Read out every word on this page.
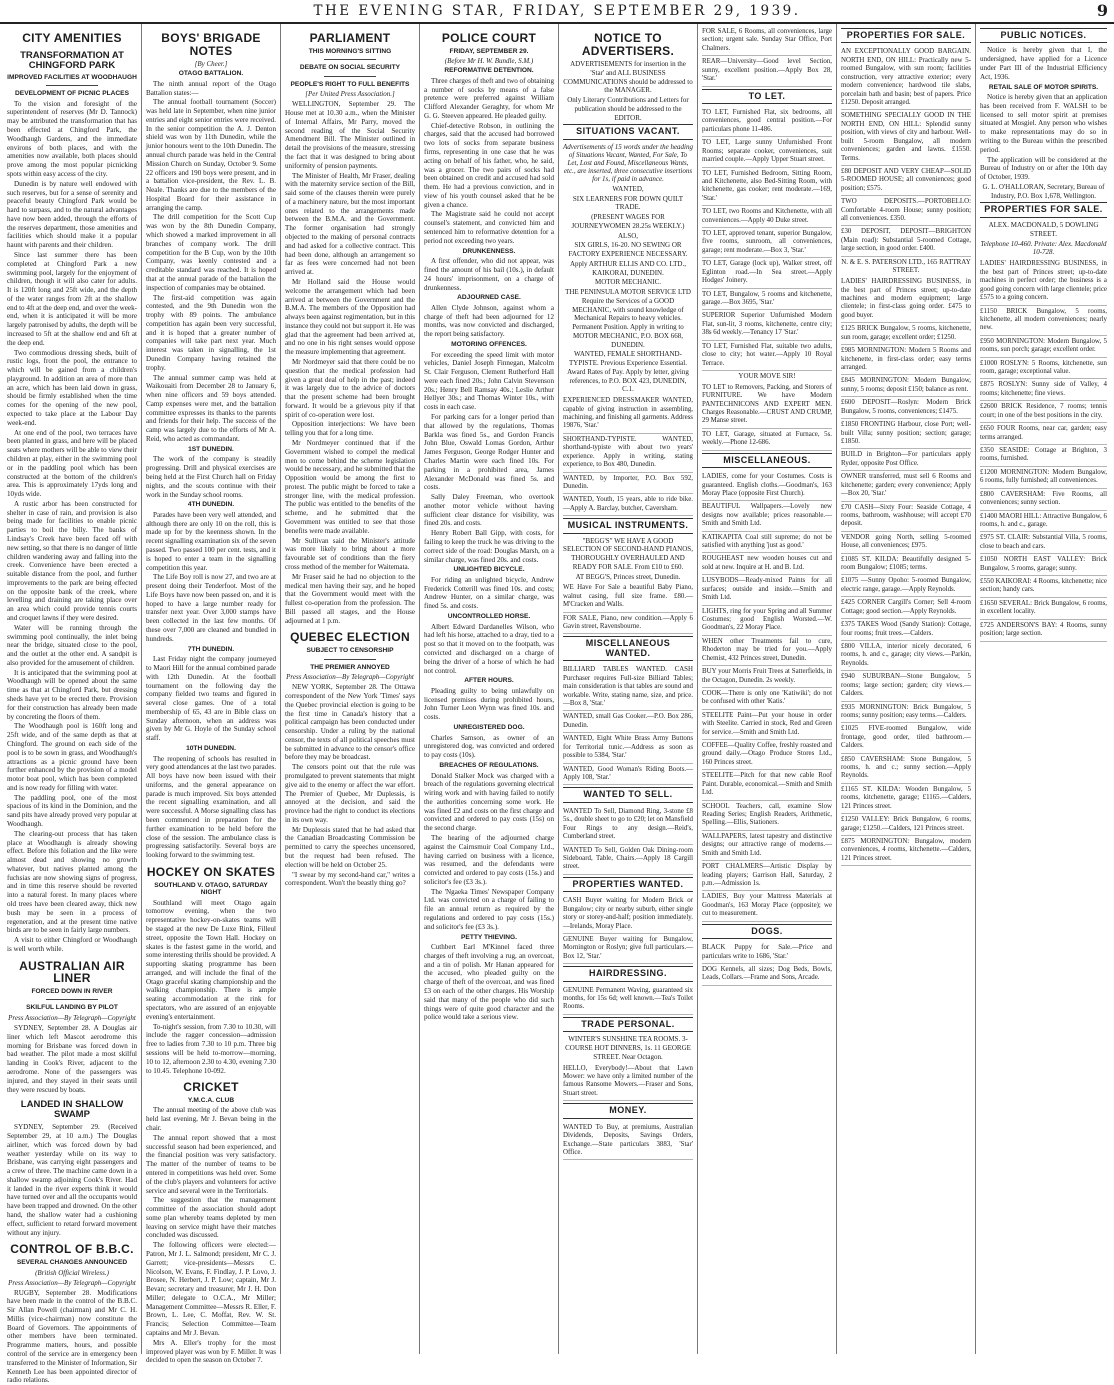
THE EVENING STAR, FRIDAY, SEPTEMBER 29, 1939.	9
CITY AMENITIES
TRANSFORMATION AT CHINGFORD PARK
IMPROVED FACILITIES AT WOODHAUGH
DEVELOPMENT OF PICNIC PLACES
To the vision and foresight of the superintendent of reserves (Mr D. Tannock) may be attributed the transformation that has been effected at Chingford Park, the Woodhaugh Gardens, and the immediate environs of both places, and with the amenities now available, both places should prove among the most popular picnicking spots within easy access of the city.
Dunedin is by nature well endowed with such reserves, but for a sense of serenity and peaceful beauty Chingford Park would be hard to surpass, and to the natural advantages have now been added, through the efforts of the reserves department, those amenities and facilities which should make it a popular haunt with parents and their children.
Since last summer there has been completed at Chingford Park a new swimming pool, largely for the enjoyment of children, though it will also cater for adults. It is 120ft long and 25ft wide, and the depth of the water ranges from 2ft at the shallow end to 4ft at the deep end, and over the week-end, when it is anticipated it will be more largely patronised by adults, the depth will be increased to 5ft at the shallow end and 6ft at the deep end.
Two commodious dressing sheds, built of rustic logs, front the pool, the entrance to which will be gained from a children's playground. In addition an area of more than an acre, which has been laid down in grass, should be firmly established when the time comes for the opening of the new pool, expected to take place at the Labour Day week-end.
At one end of the pool, two terraces have been planted in grass, and here will be placed seats where mothers will be able to view their children at play, either in the swimming pool or in the paddling pool which has been constructed at the bottom of the children's area. This is approximately 17yds long and 10yds wide.
A rustic arbor has been constructed for shelter in case of rain, and provision is also being made for facilities to enable picnic parties to boil the billy. The banks of Lindsay's Creek have been faced off with new setting, so that there is no danger of little children wandering away and falling into the creek. Convenience have been erected a suitable distance from the pool, and further improvements to the park are being effected on the opposite bank of the creek, where levelling and draining are taking place over an area which could provide tennis courts and croquet lawns if they were desired.
Water will be running through the swimming pool continually, the inlet being near the bridge, situated close to the pool, and the outlet at the other end. A sandpit is also provided for the amusement of children.
It is anticipated that the swimming pool at Woodhaugh will be opened about the same time as that at Chingford Park, but dressing sheds have yet to be erected there. Provision for their construction has already been made by concreting the floors of them.
The Woodhaugh pool is 160ft long and 25ft wide, and of the same depth as that at Chingford. The ground on each side of the pool is to be sown in grass, and Woodhaugh's attractions as a picnic ground have been further enhanced by the provision of a model motor boat pool, which has been completed and is now ready for filling with water.
The paddling pool, one of the most spacious of its kind in the Dominion, and the sand pits have already proved very popular at Woodhaugh.
The clearing-out process that has taken place at Woodhaugh is already showing effect. Before this foliation and the like were almost dead and showing no growth whatever, but natives planted among the fuchsias are now showing signs of progress, and in time this reserve should be reverted into a natural forest. In many places where old trees have been cleared away, thick new bush may be seen in a process of regeneration, and at the present time native birds are to be seen in fairly large numbers.
A visit to either Chingford or Woodhaugh is well worth while.
AUSTRALIAN AIR LINER
FORCED DOWN IN RIVER
SKILFUL LANDING BY PILOT
Press Association—By Telegraph—Copyright
SYDNEY, September 28. A Douglas air liner which left Mascot aerodrome this morning for Brisbane was forced down in bad weather. The pilot made a most skilful landing in Cook's River, adjacent to the aerodrome. None of the passengers was injured, and they stayed in their seats until they were rescued by boats.
LANDED IN SHALLOW SWAMP
SYDNEY, September 29. (Received September 29, at 10 a.m.) The Douglas airliner, which was forced down by bad weather yesterday while on its way to Brisbane, was carrying eight passengers and a crew of three. The machine came down in a shallow swamp adjoining Cook's River. Had it landed in the river experts think it would have turned over and all the occupants would have been trapped and drowned. On the other hand, the shallow water had a cushioning effect, sufficient to retard forward movement without any injury.
CONTROL OF B.B.C.
SEVERAL CHANGES ANNOUNCED
(British Official Wireless.)
Press Association—By Telegraph—Copyright
RUGBY, September 28. Modifications have been made in the control of the B.B.C. Sir Allan Powell (chairman) and Mr C. H. Millis (vice-chairman) now constitute the Board of Governors. The appointments of other members have been terminated. Programme matters, hours, and possible control of the service are in emergency been transferred to the Minister of Information, Sir Kenneth Lee has been appointed director of radio relations.
BOYS' BRIGADE NOTES
[By Cheer.]
OTAGO BATTALION.
The ninth annual report of the Otago Battalion states:—
The annual football tournament (Soccer) was held late in September, when nine junior entries and eight senior entries were received. In the senior competition the A. J. Denton shield was won by 11th Dunedin, while the junior honours went to the 10th Dunedin. The annual church parade was held in the Central Mission Church on Sunday, October 9. Some 22 officers and 190 boys were present, and in a battalion vice-president, the Rev. L. B. Neale. Thanks are due to the members of the Hospital Board for their assistance in arranging the camp.
The drill competition for the Scott Cup was won by the 8th Dunedin Company, which showed a marked improvement in all branches of company work. The drill competition for the B Cup, won by the 10th Company, was keenly contested and a creditable standard was reached. It is hoped that at the annual parade of the battalion the inspection of companies may be obtained.
The first-aid competition was again contested, and the 9th Dunedin won the trophy with 89 points. The ambulance competition has again been very successful, and it is hoped that a greater number of companies will take part next year. Much interest was taken in signalling, the 1st Dunedin Company having retained the trophy.
The annual summer camp was held at Waikouaiti from December 28 to January 6, when nine officers and 59 boys attended. Camp expenses were met, and the battalion committee expresses its thanks to the parents and friends for their help. The success of the camp was largely due to the efforts of Mr A. Reid, who acted as commandant.
1ST DUNEDIN.
The work of the company is steadily progressing. Drill and physical exercises are being held at the First Church hall on Friday nights, and the scouts continue with their work in the Sunday school rooms.
4TH DUNEDIN.
Parades have been very well attended, and although there are only 10 on the roll, this is made up for by the keenness shown. In the recent signalling examination six of the seven passed. Two passed 100 per cent. tests, and it is hoped to enter a team in the signalling competition this year.
The Life Boy roll is now 27, and two are at present doing their Tenderfoot. Most of the Life Boys have now been passed on, and it is hoped to have a large number ready for transfer next year. Over 3,000 stamps have been collected in the last few months. Of these over 7,000 are cleaned and bundled in hundreds.
7TH DUNEDIN.
Last Friday night the company journeyed to Maori Hill for the annual combined parade with 12th Dunedin. At the football tournament on the following day the company fielded two teams and figured in several close games. One of a total membership of 65, 43 are in Bible class on Sunday afternoon, when an address was given by Mr G. Hoyle of the Sunday school staff.
10TH DUNEDIN.
The reopening of schools has resulted in very good attendances at the last two parades. All boys have now been issued with their uniforms, and the general appearance on parade is much improved. Six boys attended the recent signalling examination, and all were successful. A Morse signalling class has been commenced in preparation for the further examination to be held before the close of the session. The ambulance class is progressing satisfactorily. Several boys are looking forward to the swimming test.
HOCKEY ON SKATES
SOUTHLAND V. OTAGO, SATURDAY NIGHT
Southland will meet Otago again tomorrow evening, when the two representative hockey-on-skates teams will be staged at the new De Luxe Rink, Filleul street, opposite the Town Hall. Hockey on skates is the fastest game in the world, and some interesting thrills should be provided. A supporting skating programme has been arranged, and will include the final of the Otago graceful skating championship and the walking championship. There is ample seating accommodation at the rink for spectators, who are assured of an enjoyable evening's entertainment.
To-night's session, from 7.30 to 10.30, will include the ragger concession—admission free to ladies from 7.30 to 10 p.m. Three big sessions will be held to-morrow—morning, 10 to 12, afternoon 2.30 to 4.30, evening 7.30 to 10.45. Telephone 10-092.
CRICKET
Y.M.C.A. CLUB
The annual meeting of the above club was held last evening, Mr J. Bevan being in the chair.
The annual report showed that a most successful season had been experienced, and the financial position was very satisfactory. The matter of the number of teams to be entered in competitions was held over. Some of the club's players and volunteers for active service and several were in the Territorials.
The suggestion that the management committee of the association should adopt some plan whereby teams depleted by men leaving on service might have their matches concluded was discussed.
The following officers were elected:—Patron, Mr J. L. Salmond; president, Mr C. J. Garrett; vice-presidents—Messrs C. Nicolson, W. Evans, F. Findlay, J. P. Lovo, J. Brosee, N. Herbert, J. P. Low; captain, Mr J. Bevan; secretary and treasurer, Mr J. H. Don Miller; delegate to O.C.A., Mr Miller; Management Committee—Messrs R. Eller, F. Brown, L. Lee, C. Moffat, Rev. W. St. Francis; Selection Committee—Team captains and Mr J. Bevan.
Mrs A. Eller's trophy for the most improved player was won by F. Miller. It was decided to open the season on October 7.
PARLIAMENT
THIS MORNING'S SITTING
DEBATE ON SOCIAL SECURITY
PEOPLE'S RIGHT TO FULL BENEFITS
[Per United Press Association.]
WELLINGTON, September 29. The House met at 10.30 a.m., when the Minister of Internal Affairs, Mr Parry, moved the second reading of the Social Security Amendment Bill. The Minister outlined in detail the provisions of the measure, stressing the fact that it was designed to bring about uniformity of pension payments.
The Minister of Health, Mr Fraser, dealing with the maternity service section of the Bill, said some of the clauses therein were purely of a machinery nature, but the most important ones related to the arrangements made between the B.M.A. and the Government. The former organisation had strongly objected to the making of personal contracts and had asked for a collective contract. This had been done, although an arrangement so far as fees were concerned had not been arrived at.
Mr Holland said the House would welcome the arrangement which had been arrived at between the Government and the B.M.A. The members of the Opposition had always been against regimentation, but in this instance they could not but support it. He was glad that the agreement had been arrived at, and no one in his right senses would oppose the measure implementing that agreement.
Mr Nordmeyer said that there could be no question that the medical profession had given a great deal of help in the past; indeed it was largely due to the advice of doctors that the present scheme had been brought forward. It would be a grievous pity if that spirit of co-operation were lost.
Opposition interjections: We have been telling you that for a long time.
Mr Nordmeyer continued that if the Government wished to compel the medical men to come behind the scheme legislation would be necessary, and he submitted that the Opposition would be among the first to protest. The public might be forced to take a stronger line, with the medical profession. The public was entitled to the benefits of the scheme, and he submitted that the Government was entitled to see that those benefits were made available.
Mr Sullivan said the Minister's attitude was more likely to bring about a more favourable set of conditions than the fiery cross method of the member for Waitemata.
Mr Fraser said he had no objection to the medical men having their say, and he hoped that the Government would meet with the fullest co-operation from the profession. The Bill passed all stages, and the House adjourned at 1 p.m.
QUEBEC ELECTION
SUBJECT TO CENSORSHIP
THE PREMIER ANNOYED
Press Association—By Telegraph—Copyright
NEW YORK, September 28. The Ottawa correspondent of the New York 'Times' says the Quebec provincial election is going to be the first time in Canada's history that a political campaign has been conducted under censorship. Under a ruling by the national censor, the texts of all political speeches must be submitted in advance to the censor's office before they may be broadcast.
The censors point out that the rule was promulgated to prevent statements that might give aid to the enemy or affect the war effort. The Premier of Quebec, Mr Duplessis, is annoyed at the decision, and said the province had the right to conduct its elections in its own way.
Mr Duplessis stated that he had asked that the Canadian Broadcasting Commission be permitted to carry the speeches uncensored, but the request had been refused. The election will be held on October 25.
"I swear by my second-hand car," writes a correspondent. Won't the beastly thing go?
POLICE COURT
FRIDAY, SEPTEMBER 29.
(Before Mr H. W. Bundle, S.M.)
REFORMATIVE DETENTION.
Three charges of theft and two of obtaining a number of socks by means of a false pretence were preferred against William Clifford Alexander Geraghty, for whom Mr G. G. Steeven appeared. He pleaded guilty.
Chief-detective Robson, in outlining the charges, said that the accused had borrowed two lots of socks from separate business firms, representing in one case that he was acting on behalf of his father, who, he said, was a grocer. The two pairs of socks had been obtained on credit and accused had sold them. He had a previous conviction, and in view of his youth counsel asked that he be given a chance.
The Magistrate said he could not accept counsel's statement, and convicted him and sentenced him to reformative detention for a period not exceeding two years.
DRUNKENNESS.
A first offender, who did not appear, was fined the amount of his bail (10s.), in default 24 hours' imprisonment, on a charge of drunkenness.
ADJOURNED CASE.
Allen Clyde Johnson, against whom a charge of theft had been adjourned for 12 months, was now convicted and discharged, the report being satisfactory.
MOTORING OFFENCES.
For exceeding the speed limit with motor vehicles, Daniel Joseph Finnegan, Malcolm St. Clair Ferguson, Clement Rutherford Hall were each fined 20s.; John Calvin Stevenson 20s.; Henry Bell Ramsay 40s.; Leslie Arthur Hellyer 30s.; and Thomas Winter 10s., with costs in each case.
For parking cars for a longer period than that allowed by the regulations, Thomas Barkla was fined 5s., and Gordon Francis John Blue, Oswald Lomas Gordon, Arthur James Ferguson, George Rodger Hunter and Charles Martin were each fined 10s. For parking in a prohibited area, James Alexander McDonald was fined 5s. and costs.
Sally Daley Freeman, who overtook another motor vehicle without having sufficient clear distance for visibility, was fined 20s. and costs.
Henry Robert Ball Gipp, with costs, for failing to keep the truck he was driving to the correct side of the road: Douglas Marsh, on a similar charge, was fined 20s. and costs.
UNLIGHTED BICYCLE.
For riding an unlighted bicycle, Andrew Frederick Cotterill was fined 10s. and costs; Andrew Hunter, on a similar charge, was fined 5s. and costs.
UNCONTROLLED HORSE.
Albert Edward Dardanelles Wilson, who had left his horse, attached to a dray, tied to a post so that it moved on to the footpath, was convicted and discharged on a charge of being the driver of a horse of which he had not control.
AFTER HOURS.
Pleading guilty to being unlawfully on licensed premises during prohibited hours, John Turner Leon Wynn was fined 10s. and costs.
UNREGISTERED DOG.
Charles Samson, as owner of an unregistered dog, was convicted and ordered to pay costs (10s).
BREACHES OF REGULATIONS.
Donald Stalker Mock was charged with a breach of the regulations governing electrical wiring work and with having failed to notify the authorities concerning some work. He was fined £2 and costs on the first charge and convicted and ordered to pay costs (15s) on the second charge.
The hearing of the adjourned charge against the Cairnsmuir Coal Company Ltd., having carried on business with a licence, was resumed, and the defendants were convicted and ordered to pay costs (15s.) and solicitor's fee (£3 3s.).
The 'Ngaeka Times' Newspaper Company Ltd. was convicted on a charge of failing to file an annual return as required by the regulations and ordered to pay costs (15s.) and solicitor's fee (£3 3s.).
PETTY THIEVING.
Cuthbert Earl M'Kinnel faced three charges of theft involving a rug, an overcoat, and a tin of polish. Mr Hanan appeared for the accused, who pleaded guilty on the charge of theft of the overcoat, and was fined £3 on each of the other charges. His Worship said that many of the people who did such things were of quite good character and the police would take a serious view.
NOTICE TO ADVERTISERS.
ADVERTISEMENTS for insertion in the 'Star' and ALL BUSINESS COMMUNICATIONS should be addressed to the MANAGER.
Only Literary Contributions and Letters for publication should be addressed to the EDITOR.
SITUATIONS VACANT.
Advertisements of 15 words under the heading of Situations Vacant, Wanted, For Sale, To Let, Lost and Found, Miscellaneous Wants, etc., are inserted, three consecutive insertions for 1s, if paid in advance.
WANTED,
SIX LEARNERS FOR DOWN QUILT TRADE.
(PRESENT WAGES FOR JOURNEYWOMEN 28.25s WEEKLY.)
ALSO,
SIX GIRLS, 16-20. NO SEWING OR FACTORY EXPERIENCE NECESSARY.
Apply ARTHUR ELLIS AND CO. LTD., KAIKORAI, DUNEDIN.
MOTOR MECHANIC.
THE PENINSULA MOTOR SERVICE LTD Require the Services of a GOOD MECHANIC, with sound knowledge of Mechanical Repairs to heavy vehicles. Permanent Position. Apply in writing to MOTOR MECHANIC, P.O. BOX 668, DUNEDIN.
WANTED, FEMALE SHORTHAND-TYPISTE. Previous Experience Essential. Award Rates of Pay. Apply by letter, giving references, to P.O. BOX 423, DUNEDIN, C.1.
EXPERIENCED DRESSMAKER WANTED, capable of giving instruction in assembling, machining, and finishing all garments. Address 19876, 'Star.'
SHORTHAND-TYPISTE. WANTED, shorthand-typiste with about two years' experience. Apply in writing, stating experience, to Box 480, Dunedin.
WANTED, by Importer, P.O. Box 592, Dunedin.
WANTED, Youth, 15 years, able to ride bike.—Apply A. Barclay, butcher, Caversham.
MUSICAL INSTRUMENTS.
"BEGG'S" WE HAVE A GOOD SELECTION OF SECOND-HAND PIANOS, THOROUGHLY OVERHAULED AND READY FOR SALE. From £10 to £60.
AT BEGG'S, Princes street, Dunedin.
WE Have For Sale a beautiful Baby Piano, walnut casing, full size frame. £80.—M'Cracken and Walls.
FOR SALE, Piano, new condition.—Apply 6 Gavin street, Ravensbourne.
MISCELLANEOUS WANTED.
BILLIARD TABLES WANTED. CASH Purchaser requires Full-size Billiard Tables; main consideration is that tables are sound and workable. Write, stating name, size, and price.—Box 8, 'Star.'
WANTED, small Gas Cooker.—P.O. Box 286, Dunedin.
WANTED, Eight White Brass Army Buttons for Territorial tunic.—Address as soon as possible to 5384, 'Star.'
WANTED, Good Woman's Riding Boots.—Apply 108, 'Star.'
WANTED TO SELL.
WANTED To Sell, Diamond Ring, 3-stone £8 5s., double sheet to go to £20; let on Mansfield Four Rings to any design.—Reid's, Cumberland street.
WANTED To Sell, Golden Oak Dining-room Sideboard, Table, Chairs.—Apply 18 Cargill street.
PROPERTIES WANTED.
CASH Buyer waiting for Modern Brick or Bungalow; city or nearby suburb, either single story or storey-and-half; position immediately.—Irelands, Moray Place.
GENUINE Buyer waiting for Bungalow, Mornington or Roslyn; give full particulars.—Box 12, 'Star.'
HAIRDRESSING.
GENUINE Permanent Waving, guaranteed six months, for 15s 6d; well known.—Tea's Toilet Rooms.
TRADE PERSONAL.
WINTER'S SUNSHINE TEA ROOMS. 3-COURSE HOT DINNERS, 1s. 11 GEORGE STREET. Near Octagon.
HELLO, Everybody!—About that Lawn Mower: we have only a limited number of the famous Ransome Mowers.—Fraser and Sons, Stuart street.
MONEY.
WANTED To Buy, at premiums, Australian Dividends, Deposits, Savings Orders, Exchange.—State particulars 3883, 'Star' Office.
FOR SALE, 6 Rooms, all conveniences, large section; urgent sale. Sunday Star Office, Port Chalmers.
REAR—University—Good level Section, sunny, excellent position.—Apply Box 28, 'Star.'
TO LET.
TO LET, Furnished Flat, six bedrooms, all conveniences, good central position.—For particulars phone 11-486.
TO LET, Large sunny Unfurnished Front Rooms; separate cooker, conveniences, suit married couple.—Apply Upper Stuart street.
TO LET, Furnished Bedroom, Sitting Room, and Kitchenette, also Bed-Sitting Room, with kitchenette, gas cooker; rent moderate.—169, 'Star.'
TO LET, two Rooms and Kitchenette, with all conveniences.—Apply 40 Duke street.
TO LET, approved tenant, superior Bungalow, five rooms, sunroom, all conveniences, garage; rent moderate.—Box 3, 'Star.'
TO LET, Garage (lock up), Walker street, off Eglinton road.—In Sea street.—Apply Hodges' Joinery.
TO LET, Bungalow, 5 rooms and kitchenette, garage.—Box 3695, 'Star.'
SUPERIOR Superior Unfurnished Modern Flat, sun-lit, 3 rooms, kitchenette, centre city; 38s 6d weekly.—Tenancy 17 'Star.'
TO LET, Furnished Flat, suitable two adults, close to city; hot water.—Apply 10 Royal Terrace.
YOUR MOVE SIR!
TO LET to Removers, Packing, and Storers of FURNITURE. We have Modern PANTECHNICONS AND EXPERT MEN. Charges Reasonable.—CRUST AND CRUMP, 29 Manse street.
TO LET, Garage, situated at Furnace, 5s. weekly.—Phone 12-686.
MISCELLANEOUS.
LADIES, come for your Costumes. Costs is guaranteed. English cloths.—Goodman's, 163 Moray Place (opposite First Church).
BEAUTIFUL Wallpapers.—Lovely new designs now available; prices reasonable.—Smith and Smith Ltd.
KATIKAPITA Coal still supreme; do not be satisfied with anything 'just as good.'
ROUGHEAST new wooden houses cut and sold at new. Inquire at H. and B. Ltd.
LUSYBODS—Ready-mixed Paints for all surfaces; outside and inside.—Smith and Smith Ltd.
LIGHTS, ring for your Spring and all Summer Costumes; good English Worsted.—W. Goodman's, 22 Moray Place.
WHEN other Treatments fail to cure, Rhoderton may be tried for you.—Apply Chemist, 432 Princes street, Dunedin.
BUY your Morris Fruit Trees at Satterfields, in the Octagon, Dunedin. 2s weekly.
COOK—There is only one 'Katiwiki'; do not be confused with other 'Katis.'
STEELITE Paint—Put your house in order with Steelite. Carried in stock, Red and Green for service.—Smith and Smith Ltd.
COFFEE—Quality Coffee, freshly roasted and ground daily.—Otago Produce Stores Ltd., 160 Princes street.
STEELITE—Pitch for that new cable Roof Paint. Durable, economical.—Smith and Smith Ltd.
SCHOOL Teachers, call, examine Slow Reading Series; English Readers, Arithmetic, Spelling.—Ellis, Stationers.
WALLPAPERS, latest tapestry and distinctive designs; our attractive range of moderns.—Smith and Smith Ltd.
PORT CHALMERS—Artistic Display by leading players; Garrison Hall, Saturday, 2 p.m.—Admission 1s.
LADIES, Buy your Mattress Materials at Goodman's, 163 Moray Place (opposite); we cut to measurement.
DOGS.
BLACK Puppy for Sale.—Price and particulars write to 1686, 'Star.'
DOG Kennels, all sizes; Dog Beds, Bowls, Leads, Collars.—Frame and Sons, Arcade.
PROPERTIES FOR SALE.
AN EXCEPTIONALLY GOOD BARGAIN. NORTH END, ON HILL: Practically new 5-roomed Bungalow, with sun room; facilities construction, very attractive exterior; every modern convenience; hardwood tile slabs, porcelain bath and basin; best of papers. Price £1250. Deposit arranged.
SOMETHING SPECIALLY GOOD IN THE NORTH END, ON HILL: Splendid sunny position, with views of city and harbour. Well-built 5-room Bungalow, all modern conveniences; garden and lawns. £1550. Terms.
£80 DEPOSIT AND VERY CHEAP—SOLID 5-ROOMED HOUSE; all conveniences; good position; £575.
TWO DEPOSITS.—PORTOBELLO: Comfortable 4-room House; sunny position; all conveniences. £350.
£30 DEPOSIT, DEPOSIT—BRIGHTON (Main road): Substantial 5-roomed Cottage, large section, in good order. £400.
N. & E. S. PATERSON LTD., 165 RATTRAY STREET.
LADIES' HAIRDRESSING BUSINESS, in the best part of Princes street; up-to-date machines and modern equipment; large clientele; in first-class going order. £475 to good buyer.
£125 BRICK Bungalow, 5 rooms, kitchenette, sun room, garage; excellent order; £1250.
£985 MORNINGTON: Modern 5 Rooms and kitchenette, in first-class order; easy terms arranged.
£845 MORNINGTON: Modern Bungalow, sunny, 5 rooms; deposit £150; balance as rent.
£600 DEPOSIT—Roslyn: Modern Brick Bungalow, 5 rooms, conveniences; £1475.
£1850 FRONTING Harbour, close Port; well-built Villa; sunny position; section; garage; £1850.
BUILD in Brighton—For particulars apply Ryder, opposite Post Office.
OWNER transferred, must sell 6 Rooms and kitchenette; garden; every convenience; Apply—Box 20, 'Star.'
£70 CASH—Sixty Four: Seaside Cottage, 4 rooms, bathroom, washhouse; will accept £70 deposit.
VENDOR going North, selling 5-roomed House, all conveniences; £975.
£1085 ST. KILDA: Beautifully designed 5-room Bungalow; £1085; terms.
£1075 —Sunny Opoho: 5-roomed Bungalow, electric range, garage.—Apply Reynolds.
£425 CORNER Cargill's Corner; Sell 4-room Cottage; good section.—Apply Reynolds.
£375 TAKES Wood (Sandy Station): Cottage, four rooms; fruit trees.—Calders.
£800 VILLA, interior nicely decorated, 6 rooms, h. and c., garage; city views.—Parkin, Reynolds.
£940 SUBURBAN—Stone Bungalow, 5 rooms; large section; garden; city views.—Calders.
£935 MORNINGTON: Brick Bungalow, 5 rooms; sunny position; easy terms.—Calders.
£1025 FIVE-roomed Bungalow, wide frontage, good order, tiled bathroom.—Calders.
£850 CAVERSHAM: Stone Bungalow, 5 rooms, h. and c.; sunny section.—Apply Reynolds.
£1165 ST. KILDA: Wooden Bungalow, 5 rooms, kitchenette, garage; £1165.—Calders, 121 Princes street.
£1250 VALLEY: Brick Bungalow, 6 rooms, garage; £1250.—Calders, 121 Princes street.
£875 MORNINGTON: Bungalow, modern conveniences, 4 rooms, kitchenette.—Calders, 121 Princes street.
PUBLIC NOTICES.
Notice is hereby given that I, the undersigned, have applied for a Licence under Part III of the Industrial Efficiency Act, 1936.
RETAIL SALE OF MOTOR SPIRITS.
Notice is hereby given that an application has been received from F. WALSH to be licensed to sell motor spirit at premises situated at Mosgiel. Any person who wishes to make representations may do so in writing to the Bureau within the prescribed period.
The application will be considered at the Bureau of Industry on or after the 10th day of October, 1939.
G. L. O'HALLORAN, Secretary, Bureau of Industry, P.O. Box 1,678, Wellington.
PROPERTIES FOR SALE.
ALEX. MACDONALD, 5 DOWLING STREET.
Telephone 10-460. Private: Alex. Macdonald 10-728.
LADIES' HAIRDRESSING BUSINESS, in the best part of Princes street; up-to-date machines in perfect order; the business is a good going concern with large clientele; price £575 to a going concern.
£1150 BRICK Bungalow, 5 rooms, kitchenette, all modern conveniences; nearly new.
£950 MORNINGTON: Modern Bungalow, 5 rooms, sun porch; garage; excellent order.
£1000 ROSLYN: 5 Rooms, kitchenette, sun room, garage; exceptional value.
£875 ROSLYN: Sunny side of Valley, 4 rooms; kitchenette; fine views.
£2600 BRICK Residence, 7 rooms; tennis court; in one of the best positions in the city.
£650 FOUR Rooms, near car, garden; easy terms arranged.
£350 SEASIDE: Cottage at Brighton, 3 rooms, furnished.
£1200 MORNINGTON: Modern Bungalow, 6 rooms, fully furnished; all conveniences.
£800 CAVERSHAM: Five Rooms, all conveniences; sunny section.
£1400 MAORI HILL: Attractive Bungalow, 6 rooms, h. and c., garage.
£975 ST. CLAIR: Substantial Villa, 5 rooms, close to beach and cars.
£1050 NORTH EAST VALLEY: Brick Bungalow, 5 rooms, garage; sunny.
£550 KAIKORAI: 4 Rooms, kitchenette; nice section; handy cars.
£1650 SEVERAL: Brick Bungalow, 6 rooms, in excellent locality.
£725 ANDERSON'S BAY: 4 Rooms, sunny position; large section.
